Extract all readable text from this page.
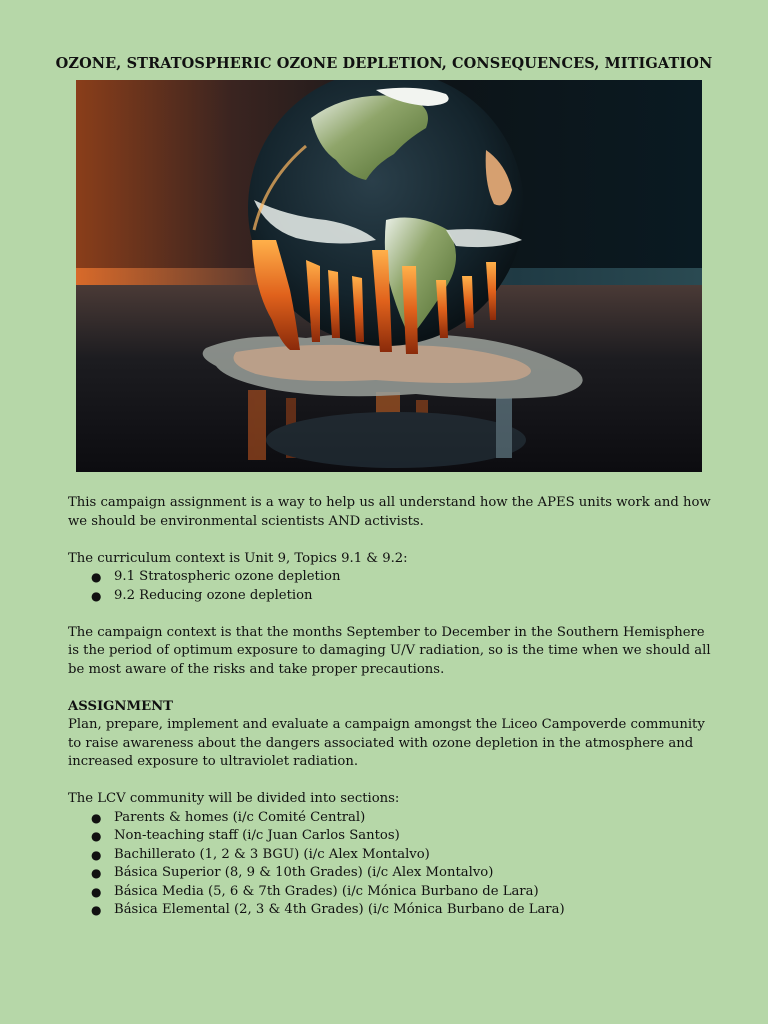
OZONE, STRATOSPHERIC OZONE DEPLETION, CONSEQUENCES, MITIGATION

This campaign assignment is a way to help us all understand how the APES units work and how we should be environmental scientists AND activists.

The curriculum context is Unit 9, Topics 9.1 & 9.2:

● 9.1 Stratospheric ozone depletion
● 9.2 Reducing ozone depletion

The campaign context is that the months September to December in the Southern Hemisphere is the period of optimum exposure to damaging U/V radiation, so is the time when we should all be most aware of the risks and take proper precautions.

ASSIGNMENT

Plan, prepare, implement and evaluate a campaign amongst the Liceo Campoverde community to raise awareness about the dangers associated with ozone depletion in the atmosphere and increased exposure to ultraviolet radiation.

The LCV community will be divided into sections:

● Parents & homes (i/c Comité Central)
● Non-teaching staff (i/c Juan Carlos Santos)
● Bachillerato (1, 2 & 3 BGU) (i/c Alex Montalvo)
● Básica Superior (8, 9 & 10th Grades) (i/c Alex Montalvo)
● Básica Media (5, 6 & 7th Grades) (i/c Mónica Burbano de Lara)
● Básica Elemental (2, 3 & 4th Grades) (i/c Mónica Burbano de Lara)
